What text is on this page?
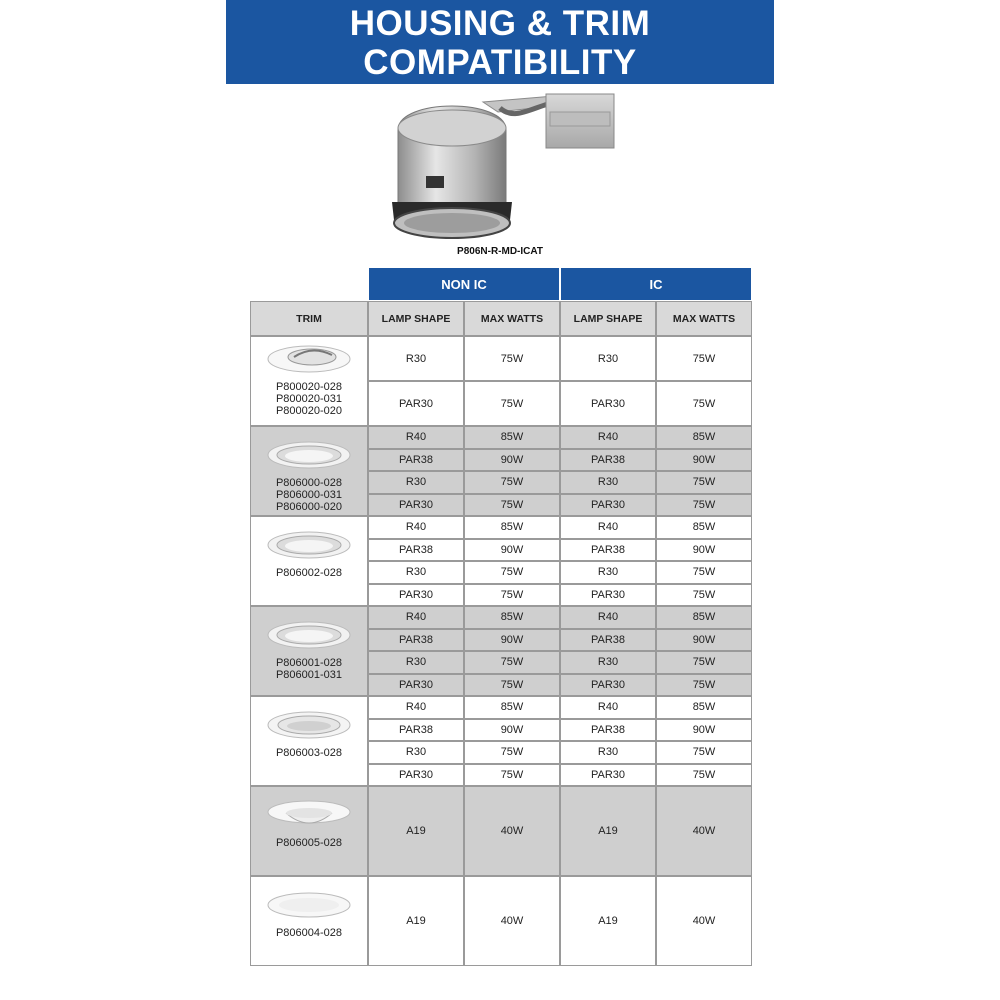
HOUSING & TRIM
COMPATIBILITY
P806N-R-MD-ICAT
NON IC	IC
TRIM	LAMP SHAPE	MAX WATTS	LAMP SHAPE	MAX WATTS
P800020-028
P800020-031
P800020-020
R30	75W	R30	75W
PAR30	75W	PAR30	75W
P806000-028
P806000-031
P806000-020
R40	85W	R40	85W
PAR38	90W	PAR38	90W
R30	75W	R30	75W
PAR30	75W	PAR30	75W
P806002-028
R40	85W	R40	85W
PAR38	90W	PAR38	90W
R30	75W	R30	75W
PAR30	75W	PAR30	75W
P806001-028
P806001-031
R40	85W	R40	85W
PAR38	90W	PAR38	90W
R30	75W	R30	75W
PAR30	75W	PAR30	75W
P806003-028
R40	85W	R40	85W
PAR38	90W	PAR38	90W
R30	75W	R30	75W
PAR30	75W	PAR30	75W
P806005-028
A19	40W	A19	40W
P806004-028
A19	40W	A19	40W
